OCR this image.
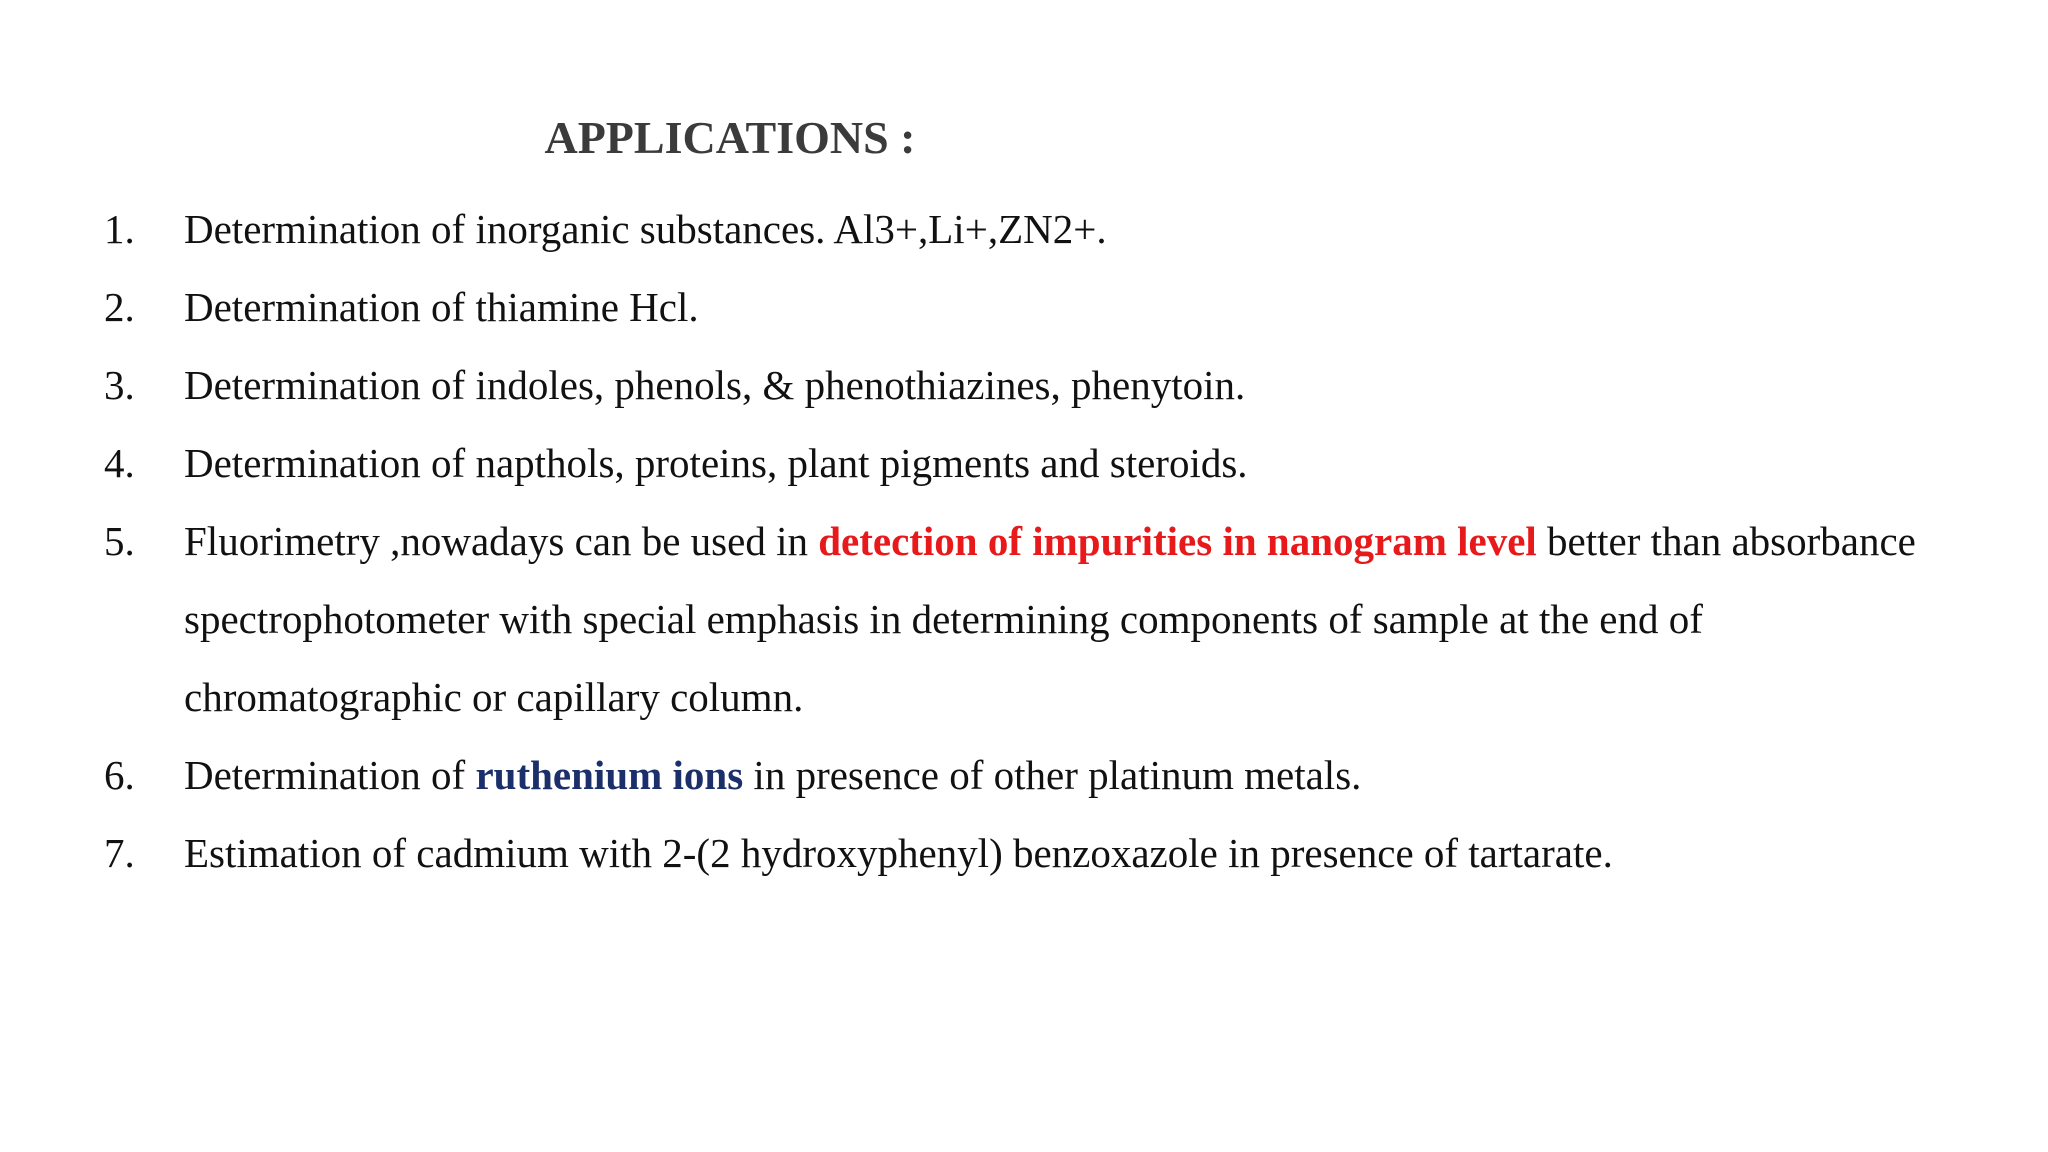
APPLICATIONS :
1.	Determination of inorganic substances. Al3+,Li+,ZN2+.
2.	Determination of thiamine Hcl.
3.	Determination of indoles, phenols, & phenothiazines, phenytoin.
4.	Determination of napthols, proteins, plant pigments and steroids.
5.	Fluorimetry ,nowadays can be used in detection of impurities in nanogram level better than absorbance spectrophotometer with special emphasis in determining components of sample at the end of chromatographic or capillary column.
6.	Determination of ruthenium ions in presence of other platinum metals.
7.	Estimation of cadmium with 2-(2 hydroxyphenyl) benzoxazole in presence of tartarate.
